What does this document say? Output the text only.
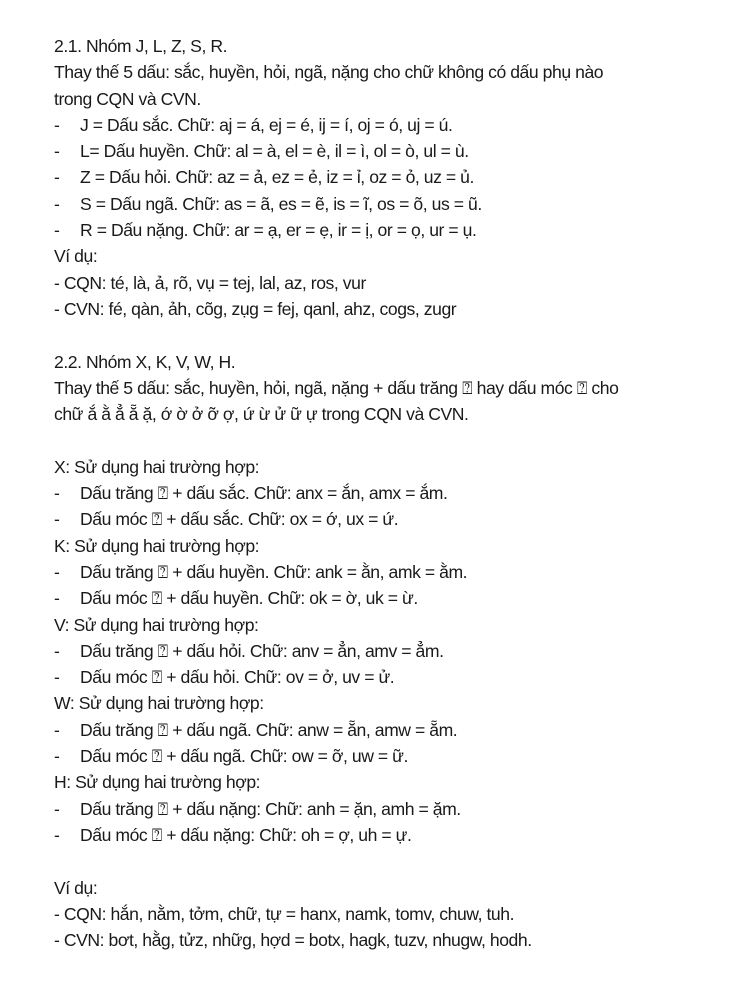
2.1. Nhóm J, L, Z, S, R.
Thay thế 5 dấu: sắc, huyền, hỏi, ngã, nặng cho chữ không có dấu phụ nào
trong CQN và CVN.
-	J = Dấu sắc. Chữ: aj = á, ej = é, ij = í, oj = ó, uj = ú.
-	L= Dấu huyền. Chữ: al = à, el = è, il = ì, ol = ò, ul = ù.
-	Z = Dấu hỏi. Chữ: az = ả, ez = ẻ, iz = ỉ, oz = ỏ, uz = ủ.
-	S = Dấu ngã. Chữ: as = ã, es = ẽ, is = ĩ, os = õ, us = ũ.
-	R = Dấu nặng. Chữ: ar = ạ, er = ẹ, ir = ị, or = ọ, ur = ụ.
Ví dụ:
- CQN: té, là, ả, rõ, vụ = tej, lal, az, ros, vur
- CVN: fé, qàn, ảh, cõg, zụg = fej, qanl, ahz, cogs, zugr
2.2. Nhóm X, K, V, W, H.
Thay thế 5 dấu: sắc, huyền, hỏi, ngã, nặng + dấu trăng ⍰ hay dấu móc ⍰ cho
chữ ắ ằ ẳ ẵ ặ, ớ ờ ở ỡ ợ, ứ ừ ử ữ ự trong CQN và CVN.
X: Sử dụng hai trường hợp:
-	Dấu trăng ⍰ + dấu sắc. Chữ: anx = ắn, amx = ắm.
-	Dấu móc ⍰ + dấu sắc. Chữ: ox = ớ, ux = ứ.
K: Sử dụng hai trường hợp:
-	Dấu trăng ⍰ + dấu huyền. Chữ: ank = ằn, amk = ằm.
-	Dấu móc ⍰ + dấu huyền. Chữ: ok = ờ, uk = ừ.
V: Sử dụng hai trường hợp:
-	Dấu trăng ⍰ + dấu hỏi. Chữ: anv = ẳn, amv = ẳm.
-	Dấu móc ⍰ + dấu hỏi. Chữ: ov = ở, uv = ử.
W: Sử dụng hai trường hợp:
-	Dấu trăng ⍰ + dấu ngã. Chữ: anw = ẵn, amw = ẵm.
-	Dấu móc ⍰ + dấu ngã. Chữ: ow = ỡ, uw = ữ.
H: Sử dụng hai trường hợp:
-	Dấu trăng ⍰ + dấu nặng: Chữ: anh = ặn, amh = ặm.
-	Dấu móc ⍰ + dấu nặng: Chữ: oh = ợ, uh = ự.
Ví dụ:
- CQN: hắn, nằm, tởm, chữ, tự = hanx, namk, tomv, chuw, tuh.
- CVN: bơt, hằg, tửz, nhữg, hợd = botx, hagk, tuzv, nhugw, hodh.
